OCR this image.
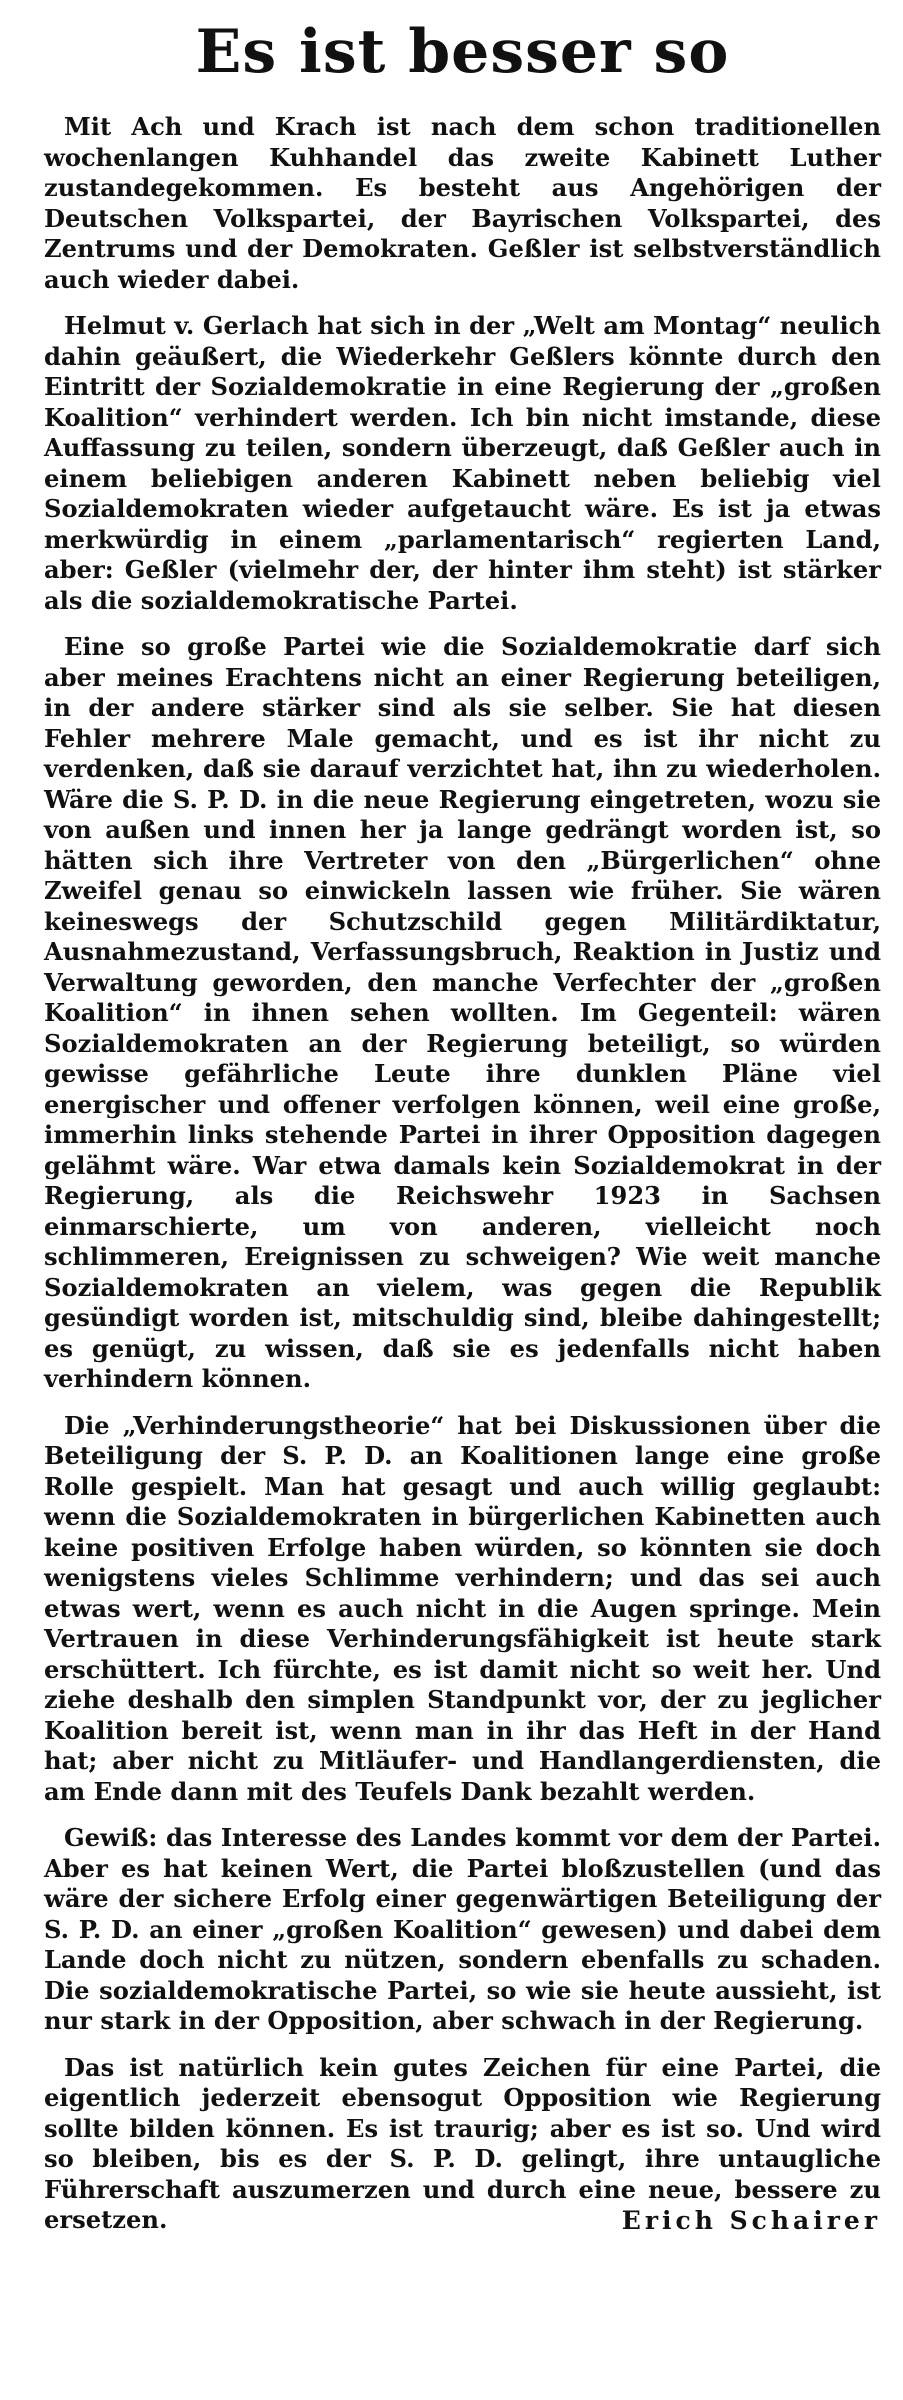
Es ist besser so

Mit Ach und Krach ist nach dem schon traditionellen wochenlangen Kuhhandel das zweite Kabinett Luther zustandegekommen. Es besteht aus Angehörigen der Deutschen Volkspartei, der Bayrischen Volkspartei, des Zentrums und der Demokraten. Geßler ist selbstverständlich auch wieder dabei.

Helmut v. Gerlach hat sich in der „Welt am Montag“ neulich dahin geäußert, die Wiederkehr Geßlers könnte durch den Eintritt der Sozialdemokratie in eine Regierung der „großen Koalition“ verhindert werden. Ich bin nicht imstande, diese Auffassung zu teilen, sondern überzeugt, daß Geßler auch in einem beliebigen anderen Kabinett neben beliebig viel Sozialdemokraten wieder aufgetaucht wäre. Es ist ja etwas merkwürdig in einem „parlamentarisch“ regierten Land, aber: Geßler (vielmehr der, der hinter ihm steht) ist stärker als die sozialdemokratische Partei.

Eine so große Partei wie die Sozialdemokratie darf sich aber meines Erachtens nicht an einer Regierung beteiligen, in der andere stärker sind als sie selber. Sie hat diesen Fehler mehrere Male gemacht, und es ist ihr nicht zu verdenken, daß sie darauf verzichtet hat, ihn zu wiederholen. Wäre die S. P. D. in die neue Regierung eingetreten, wozu sie von außen und innen her ja lange gedrängt worden ist, so hätten sich ihre Vertreter von den „Bürgerlichen“ ohne Zweifel genau so einwickeln lassen wie früher. Sie wären keineswegs der Schutzschild gegen Militärdiktatur, Ausnahmezustand, Verfassungsbruch, Reaktion in Justiz und Verwaltung geworden, den manche Verfechter der „großen Koalition“ in ihnen sehen wollten. Im Gegenteil: wären Sozialdemokraten an der Regierung beteiligt, so würden gewisse gefährliche Leute ihre dunklen Pläne viel energischer und offener verfolgen können, weil eine große, immerhin links stehende Partei in ihrer Opposition dagegen gelähmt wäre. War etwa damals kein Sozialdemokrat in der Regierung, als die Reichswehr 1923 in Sachsen einmarschierte, um von anderen, vielleicht noch schlimmeren, Ereignissen zu schweigen? Wie weit manche Sozialdemokraten an vielem, was gegen die Republik gesündigt worden ist, mitschuldig sind, bleibe dahingestellt; es genügt, zu wissen, daß sie es jedenfalls nicht haben verhindern können.

Die „Verhinderungstheorie“ hat bei Diskussionen über die Beteiligung der S. P. D. an Koalitionen lange eine große Rolle gespielt. Man hat gesagt und auch willig geglaubt: wenn die Sozialdemokraten in bürgerlichen Kabinetten auch keine positiven Erfolge haben würden, so könnten sie doch wenigstens vieles Schlimme verhindern; und das sei auch etwas wert, wenn es auch nicht in die Augen springe. Mein Vertrauen in diese Verhinderungsfähigkeit ist heute stark erschüttert. Ich fürchte, es ist damit nicht so weit her. Und ziehe deshalb den simplen Standpunkt vor, der zu jeglicher Koalition bereit ist, wenn man in ihr das Heft in der Hand hat; aber nicht zu Mitläufer- und Handlangerdiensten, die am Ende dann mit des Teufels Dank bezahlt werden.

Gewiß: das Interesse des Landes kommt vor dem der Partei. Aber es hat keinen Wert, die Partei bloßzustellen (und das wäre der sichere Erfolg einer gegenwärtigen Beteiligung der S. P. D. an einer „großen Koalition“ gewesen) und dabei dem Lande doch nicht zu nützen, sondern ebenfalls zu schaden. Die sozialdemokratische Partei, so wie sie heute aussieht, ist nur stark in der Opposition, aber schwach in der Regierung.

Das ist natürlich kein gutes Zeichen für eine Partei, die eigentlich jederzeit ebensogut Opposition wie Regierung sollte bilden können. Es ist traurig; aber es ist so. Und wird so bleiben, bis es der S. P. D. gelingt, ihre untaugliche Führerschaft auszumerzen und durch eine neue, bessere zu ersetzen.	Erich Schairer
